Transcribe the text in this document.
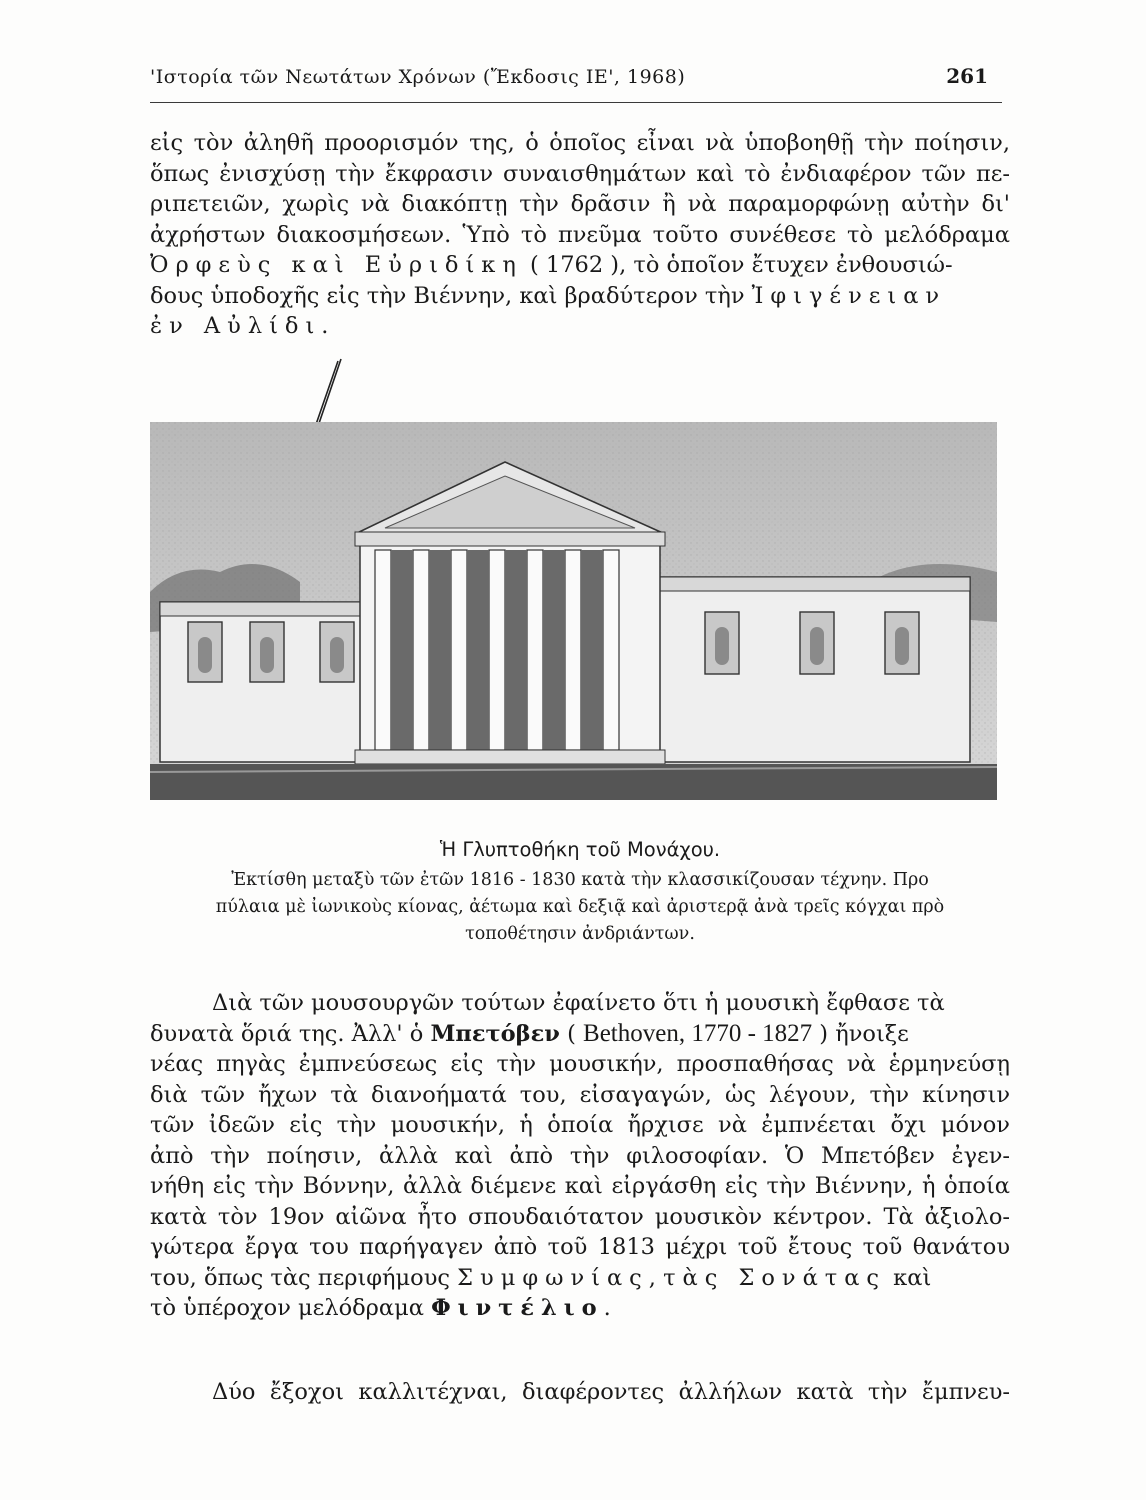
'Ιστορία τῶν Νεωτάτων Χρόνων (Ἔκδοσις ΙΕ', 1968)	261
εἰς τὸν ἀληθῆ προορισμόν της, ὁ ὁποῖος εἶναι νὰ ὑποβοηθῇ τὴν ποίησιν,
ὅπως ἐνισχύσῃ τὴν ἔκφρασιν συναισθημάτων καὶ τὸ ἐνδιαφέρον τῶν πε-
ριπετειῶν, χωρὶς νὰ διακόπτῃ τὴν δρᾶσιν ἢ νὰ παραμορφώνῃ αὐτὴν δι'
ἀχρήστων διακοσμήσεων. Ὑπὸ τὸ πνεῦμα τοῦτο συνέθεσε τὸ μελόδραμα
Ὀρφεὺς καὶ Εὐριδίκη ( 1762 ), τὸ ὁποῖον ἔτυχεν ἐνθουσιώ-
δους ὑποδοχῆς εἰς τὴν Βιέννην, καὶ βραδύτερον τὴν Ἰφιγένειαν
ἐν Αὐλίδι.
Ἡ Γλυπτοθήκη τοῦ Μονάχου.
Ἐκτίσθη μεταξὺ τῶν ἐτῶν 1816 - 1830 κατὰ τὴν κλασσικίζουσαν τέχνην. Προ
πύλαια μὲ ἰωνικοὺς κίονας, ἀέτωμα καὶ δεξιᾷ καὶ ἀριστερᾷ ἀνὰ τρεῖς κόγχαι πρὸ
τοποθέτησιν ἀνδριάντων.
Διὰ τῶν μουσουργῶν τούτων ἐφαίνετο ὅτι ἡ μουσικὴ ἔφθασε τὰ
δυνατὰ ὅριά της. Ἀλλ' ὁ Μπετόβεν ( Bethoven, 1770 - 1827 ) ἤνοιξε
νέας πηγὰς ἐμπνεύσεως εἰς τὴν μουσικήν, προσπαθήσας νὰ ἑρμηνεύσῃ
διὰ τῶν ἤχων τὰ διανοήματά του, εἰσαγαγών, ὡς λέγουν, τὴν κίνησιν
τῶν ἰδεῶν εἰς τὴν μουσικήν, ἡ ὁποία ἤρχισε νὰ ἐμπνέεται ὄχι μόνον
ἀπὸ τὴν ποίησιν, ἀλλὰ καὶ ἀπὸ τὴν φιλοσοφίαν. Ὁ Μπετόβεν ἐγεν-
νήθη εἰς τὴν Βόννην, ἀλλὰ διέμενε καὶ εἰργάσθη εἰς τὴν Βιέννην, ἡ ὁποία
κατὰ τὸν 19ον αἰῶνα ἦτο σπουδαιότατον μουσικὸν κέντρον. Τὰ ἀξιολο-
γώτερα ἔργα του παρήγαγεν ἀπὸ τοῦ 1813 μέχρι τοῦ ἔτους τοῦ θανάτου
του, ὅπως τὰς περιφήμους Συμφωνίας, τὰς Σονάτας καὶ
τὸ ὑπέροχον μελόδραμα Φιντέλιο.
Δύο ἔξοχοι καλλιτέχναι, διαφέροντες ἀλλήλων κατὰ τὴν ἔμπνευ-
